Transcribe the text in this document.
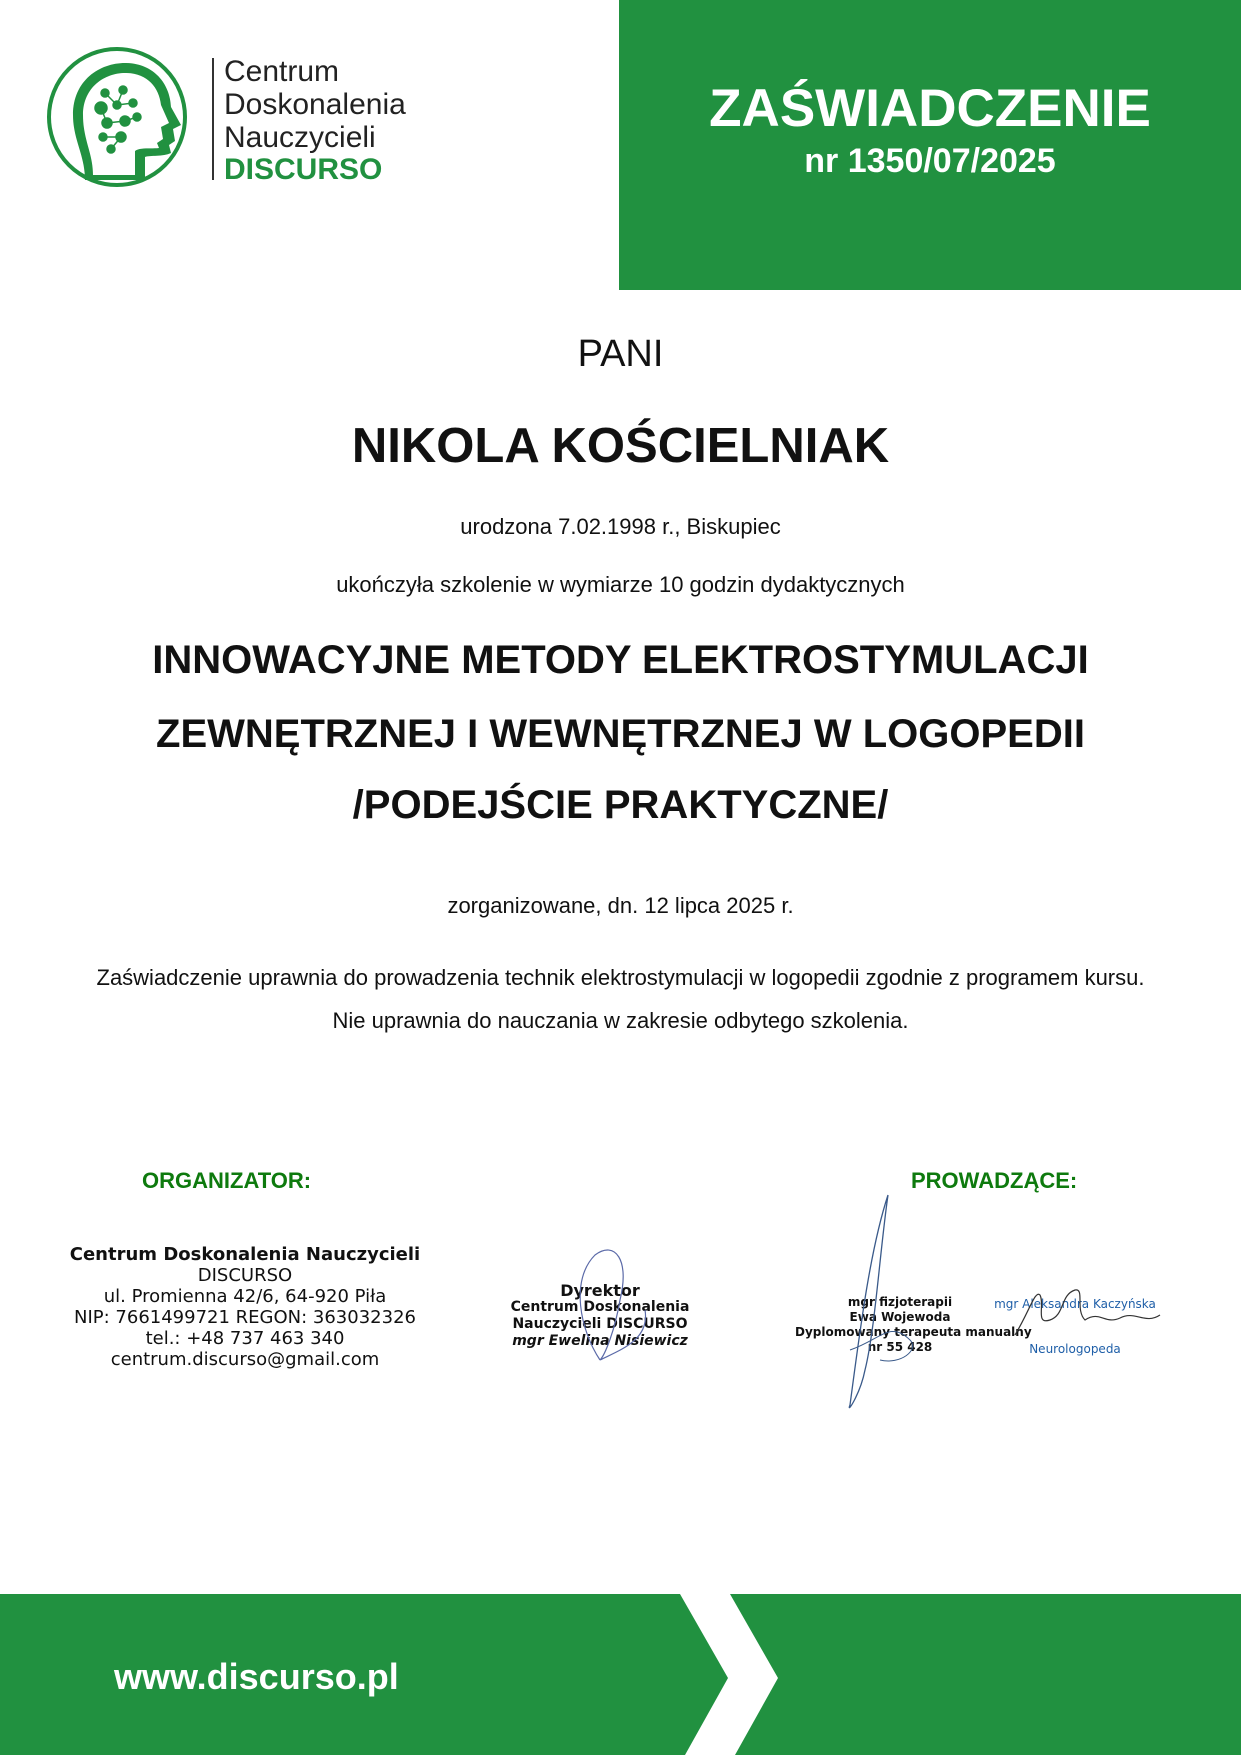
Centrum
Doskonalenia
Nauczycieli
DISCURSO
ZAŚWIADCZENIE
nr 1350/07/2025
PANI
NIKOLA KOŚCIELNIAK
urodzona 7.02.1998 r., Biskupiec
ukończyła szkolenie w wymiarze 10 godzin dydaktycznych
INNOWACYJNE METODY ELEKTROSTYMULACJI
ZEWNĘTRZNEJ I WEWNĘTRZNEJ W LOGOPEDII
/PODEJŚCIE PRAKTYCZNE/
zorganizowane, dn. 12 lipca 2025 r.
Zaświadczenie uprawnia do prowadzenia technik elektrostymulacji w logopedii zgodnie z programem kursu.
Nie uprawnia do nauczania w zakresie odbytego szkolenia.
ORGANIZATOR:	PROWADZĄCE:
Centrum Doskonalenia Nauczycieli
DISCURSO
ul. Promienna 42/6, 64-920 Piła
NIP: 7661499721 REGON: 363032326
tel.: +48 737 463 340
centrum.discurso@gmail.com
Dyrektor
Centrum Doskonalenia
Nauczycieli DISCURSO
mgr Ewelina Nisiewicz
mgr fizjoterapii
Ewa Wojewoda
Dyplomowany terapeuta manualny
nr 55 428
mgr Aleksandra Kaczyńska
Neurologopeda
www.discurso.pl
